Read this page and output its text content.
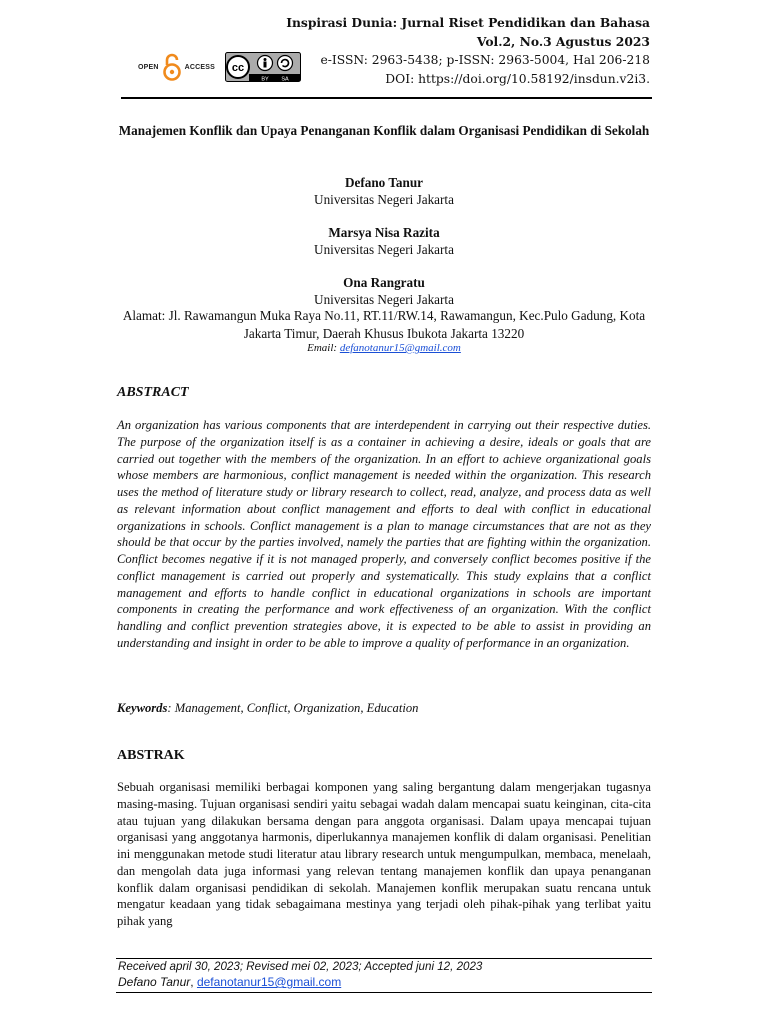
OPEN	ACCESS cc
BY SA
Inspirasi Dunia: Jurnal Riset Pendidikan dan Bahasa
Vol.2, No.3 Agustus 2023
e-ISSN: 2963-5438; p-ISSN: 2963-5004, Hal 206-218
DOI: https://doi.org/10.58192/insdun.v2i3.
Manajemen Konflik dan Upaya Penanganan Konflik dalam Organisasi Pendidikan di Sekolah
Defano Tanur
Universitas Negeri Jakarta
Marsya Nisa Razita
Universitas Negeri Jakarta
Ona Rangratu
Universitas Negeri Jakarta
Alamat: Jl. Rawamangun Muka Raya No.11, RT.11/RW.14, Rawamangun, Kec.Pulo Gadung, Kota Jakarta Timur, Daerah Khusus Ibukota Jakarta 13220
Email: defanotanur15@gmail.com
ABSTRACT
An organization has various components that are interdependent in carrying out their respective duties. The purpose of the organization itself is as a container in achieving a desire, ideals or goals that are carried out together with the members of the organization. In an effort to achieve organizational goals whose members are harmonious, conflict management is needed within the organization. This research uses the method of literature study or library research to collect, read, analyze, and process data as well as relevant information about conflict management and efforts to deal with conflict in educational organizations in schools. Conflict management is a plan to manage circumstances that are not as they should be that occur by the parties involved, namely the parties that are fighting within the organization. Conflict becomes negative if it is not managed properly, and conversely conflict becomes positive if the conflict management is carried out properly and systematically. This study explains that a conflict management and efforts to handle conflict in educational organizations in schools are important components in creating the performance and work effectiveness of an organization. With the conflict handling and conflict prevention strategies above, it is expected to be able to assist in providing an understanding and insight in order to be able to improve a quality of performance in an organization.
Keywords: Management, Conflict, Organization, Education
ABSTRAK
Sebuah organisasi memiliki berbagai komponen yang saling bergantung dalam mengerjakan tugasnya masing-masing. Tujuan organisasi sendiri yaitu sebagai wadah dalam mencapai suatu keinginan, cita-cita atau tujuan yang dilakukan bersama dengan para anggota organisasi. Dalam upaya mencapai tujuan organisasi yang anggotanya harmonis, diperlukannya manajemen konflik di dalam organisasi. Penelitian ini menggunakan metode studi literatur atau library research untuk mengumpulkan, membaca, menelaah, dan mengolah data juga informasi yang relevan tentang manajemen konflik dan upaya penanganan konflik dalam organisasi pendidikan di sekolah. Manajemen konflik merupakan suatu rencana untuk mengatur keadaan yang tidak sebagaimana mestinya yang terjadi oleh pihak-pihak yang terlibat yaitu pihak yang
Received april 30, 2023; Revised mei 02, 2023; Accepted juni 12, 2023
Defano Tanur, defanotanur15@gmail.com
